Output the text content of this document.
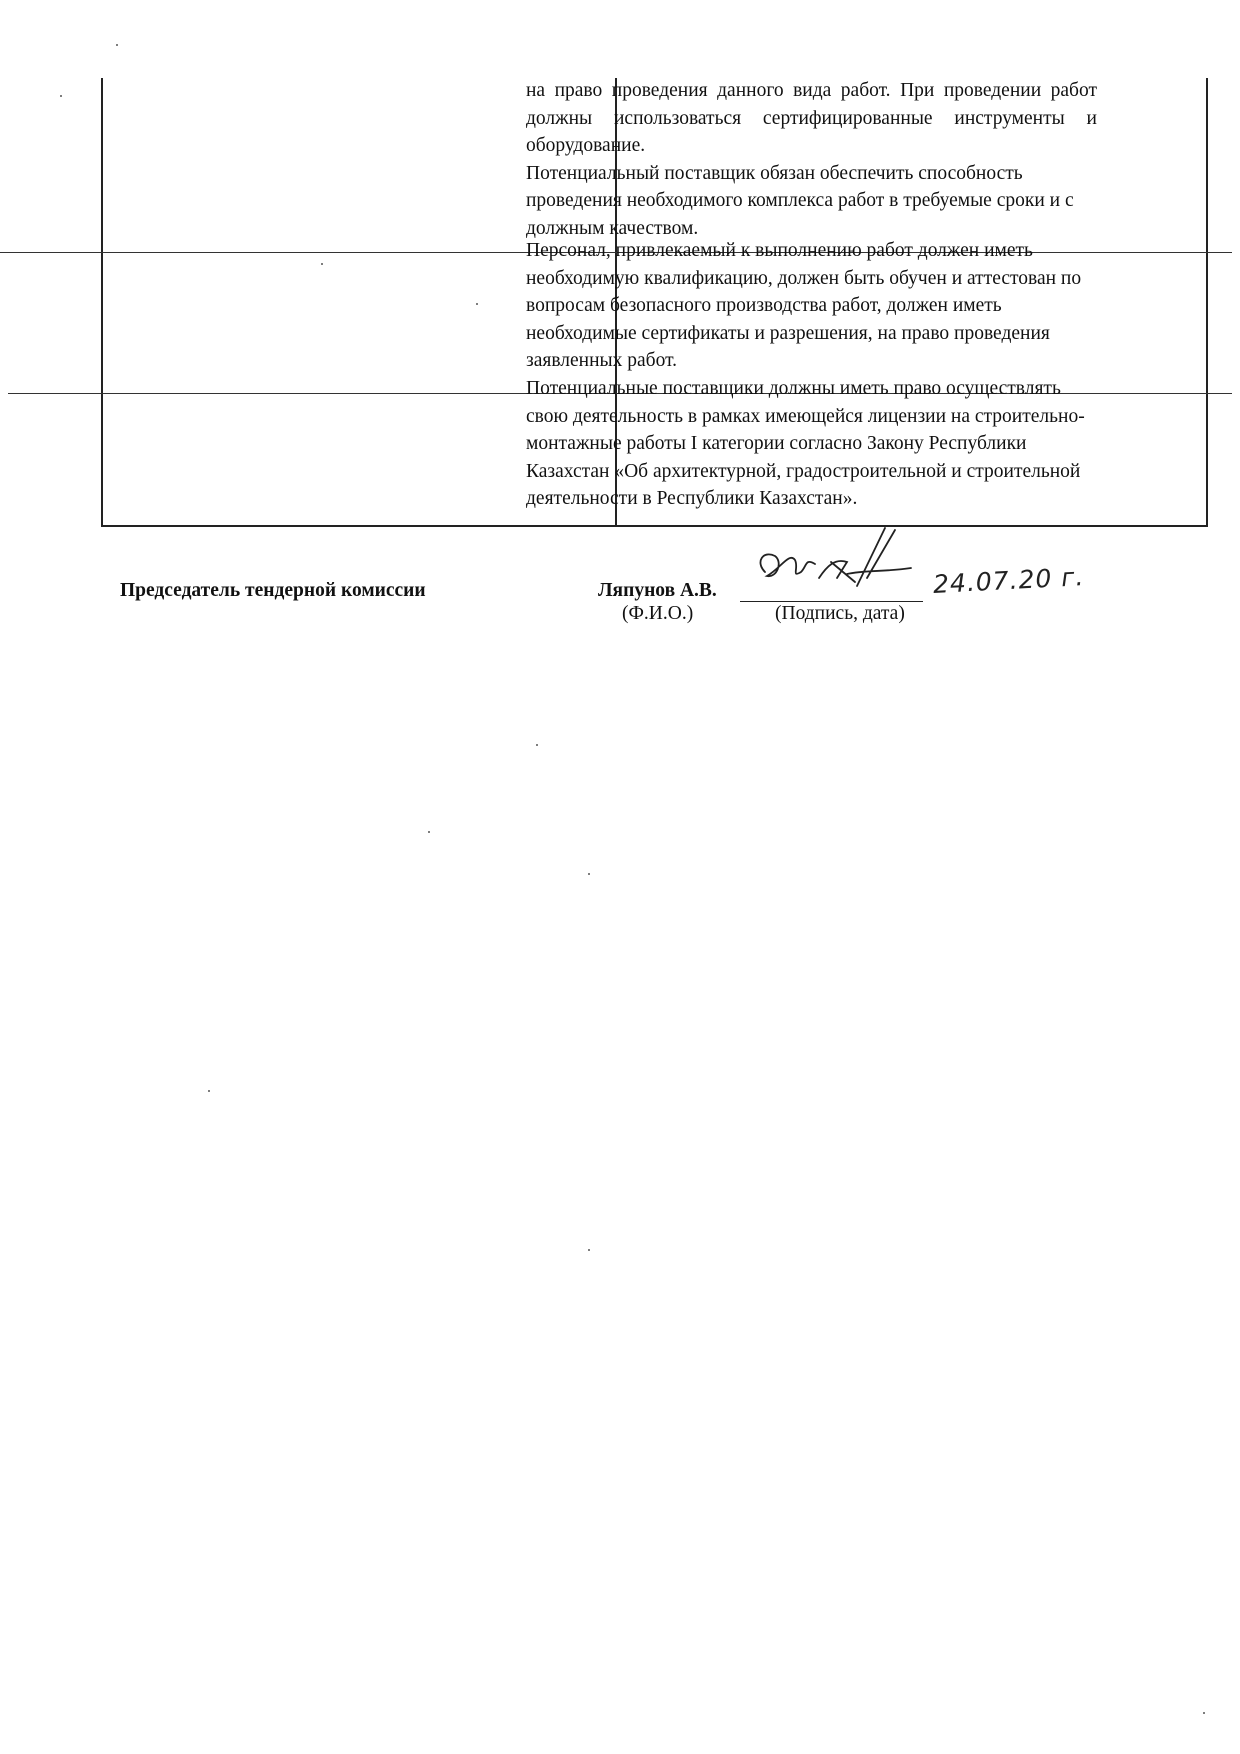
на право проведения данного вида работ. При проведении работ должны использоваться сертифицированные инструменты и оборудование.

Потенциальный поставщик обязан обеспечить способность проведения необходимого комплекса работ в требуемые сроки и с должным качеством.

Персонал, привлекаемый к выполнению работ должен иметь необходимую квалификацию, должен быть обучен и аттестован по вопросам безопасного производства работ, должен иметь необходимые сертификаты и разрешения, на право проведения заявленных работ.

Потенциальные поставщики должны иметь право осуществлять свою деятельность в рамках имеющейся лицензии на строительно-монтажные работы I категории согласно Закону Республики Казахстан «Об архитектурной, градостроительной и строительной деятельности в Республики Казахстан».

Председатель тендерной комиссии	Ляпунов А.В.	24.07.20 г.
(Ф.И.О.)	(Подпись, дата)
